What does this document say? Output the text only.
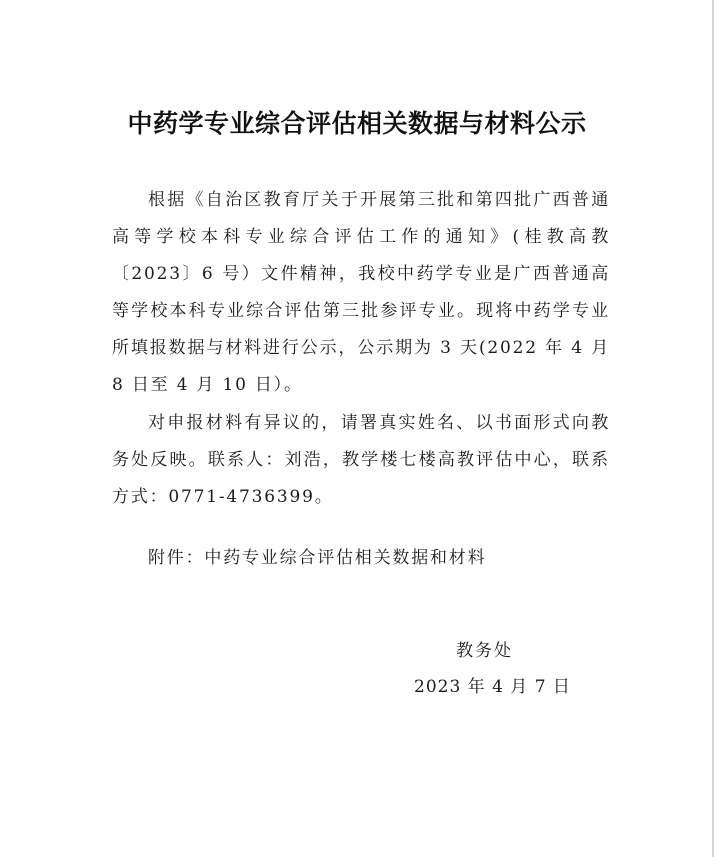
中药学专业综合评估相关数据与材料公示

根据《自治区教育厅关于开展第三批和第四批广西普通高等学校本科专业综合评估工作的通知》(桂教高教〔2023〕6 号）文件精神，我校中药学专业是广西普通高等学校本科专业综合评估第三批参评专业。现将中药学专业所填报数据与材料进行公示，公示期为 3 天(2022 年 4 月 8 日至 4 月 10 日）。

对申报材料有异议的，请署真实姓名、以书面形式向教务处反映。联系人：刘浩，教学楼七楼高教评估中心，联系方式：0771-4736399。

附件：中药专业综合评估相关数据和材料
教务处
2023 年 4 月 7 日
